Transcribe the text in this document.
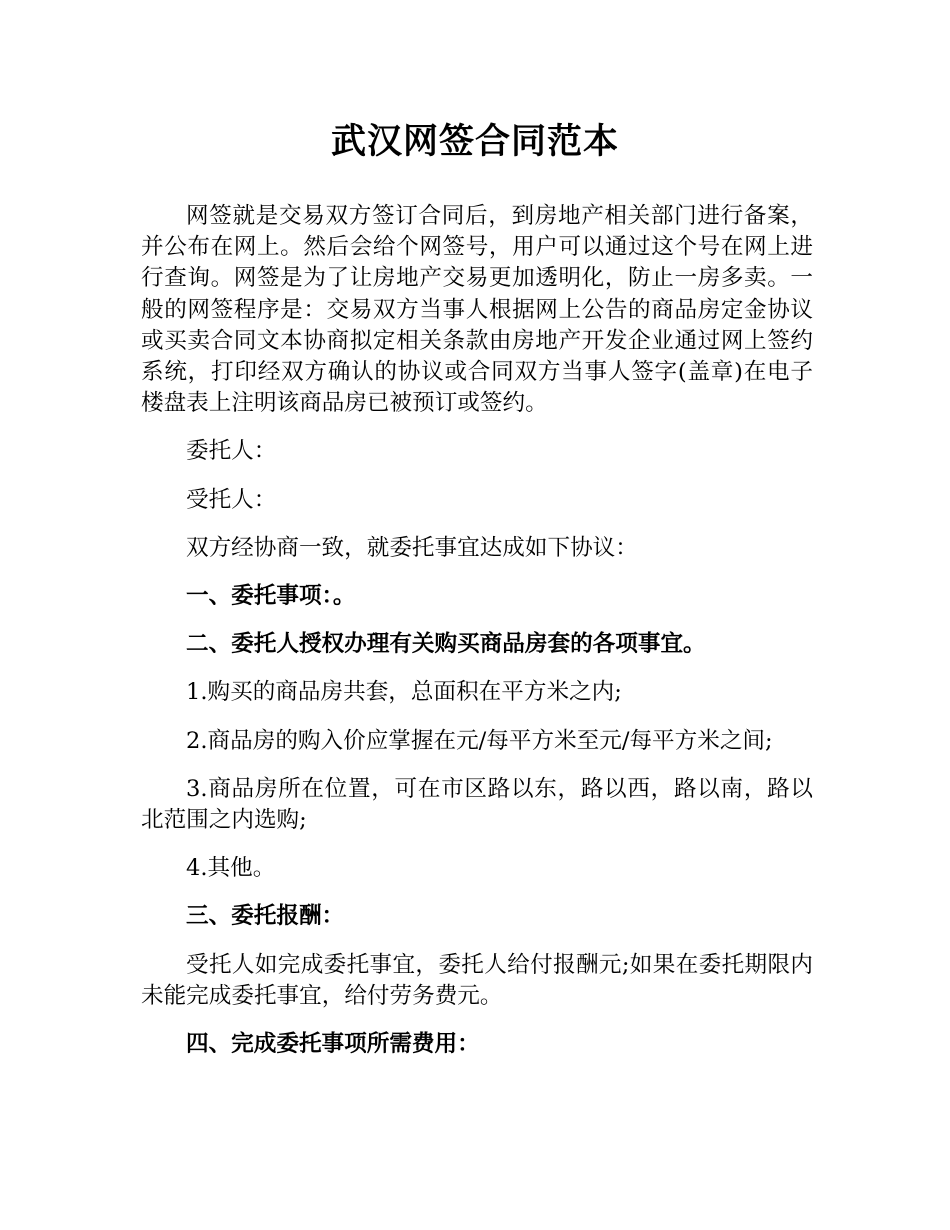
武汉网签合同范本

网签就是交易双方签订合同后，到房地产相关部门进行备案，并公布在网上。然后会给个网签号，用户可以通过这个号在网上进行查询。网签是为了让房地产交易更加透明化，防止一房多卖。一般的网签程序是：交易双方当事人根据网上公告的商品房定金协议或买卖合同文本协商拟定相关条款由房地产开发企业通过网上签约系统，打印经双方确认的协议或合同双方当事人签字(盖章)在电子楼盘表上注明该商品房已被预订或签约。

委托人：

受托人：

双方经协商一致，就委托事宜达成如下协议：

一、委托事项：。

二、委托人授权办理有关购买商品房套的各项事宜。

1.购买的商品房共套，总面积在平方米之内;

2.商品房的购入价应掌握在元/每平方米至元/每平方米之间;

3.商品房所在位置，可在市区路以东，路以西，路以南，路以北范围之内选购;

4.其他。

三、委托报酬：

受托人如完成委托事宜，委托人给付报酬元;如果在委托期限内未能完成委托事宜，给付劳务费元。

四、完成委托事项所需费用：
